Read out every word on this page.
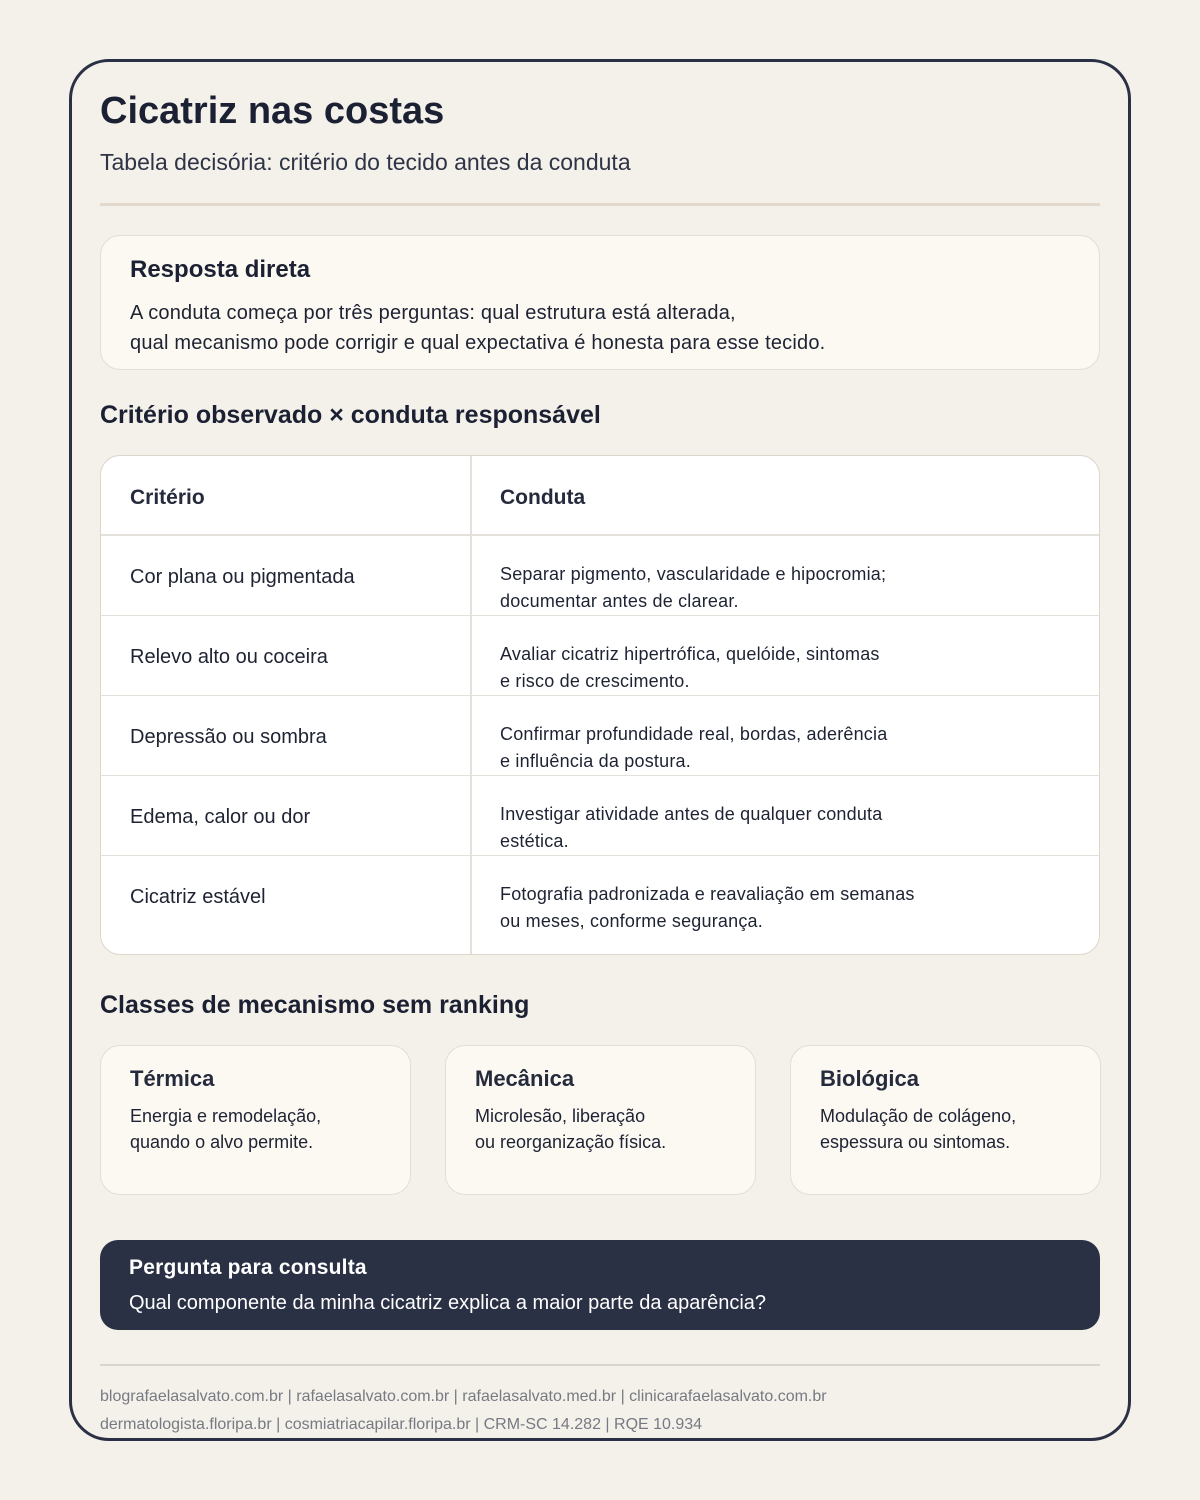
Cicatriz nas costas
Tabela decisória: critério do tecido antes da conduta
Resposta direta
A conduta começa por três perguntas: qual estrutura está alterada,
qual mecanismo pode corrigir e qual expectativa é honesta para esse tecido.
Critério observado × conduta responsável
Critério	Conduta
Cor plana ou pigmentada	Separar pigmento, vascularidade e hipocromia;
documentar antes de clarear.
Relevo alto ou coceira	Avaliar cicatriz hipertrófica, quelóide, sintomas
e risco de crescimento.
Depressão ou sombra	Confirmar profundidade real, bordas, aderência
e influência da postura.
Edema, calor ou dor	Investigar atividade antes de qualquer conduta
estética.
Cicatriz estável	Fotografia padronizada e reavaliação em semanas
ou meses, conforme segurança.
Classes de mecanismo sem ranking
Térmica
Energia e remodelação,
quando o alvo permite.
Mecânica
Microlesão, liberação
ou reorganização física.
Biológica
Modulação de colágeno,
espessura ou sintomas.
Pergunta para consulta
Qual componente da minha cicatriz explica a maior parte da aparência?
blografaelasalvato.com.br | rafaelasalvato.com.br | rafaelasalvato.med.br | clinicarafaelasalvato.com.br
dermatologista.floripa.br | cosmiatriacapilar.floripa.br | CRM-SC 14.282 | RQE 10.934
